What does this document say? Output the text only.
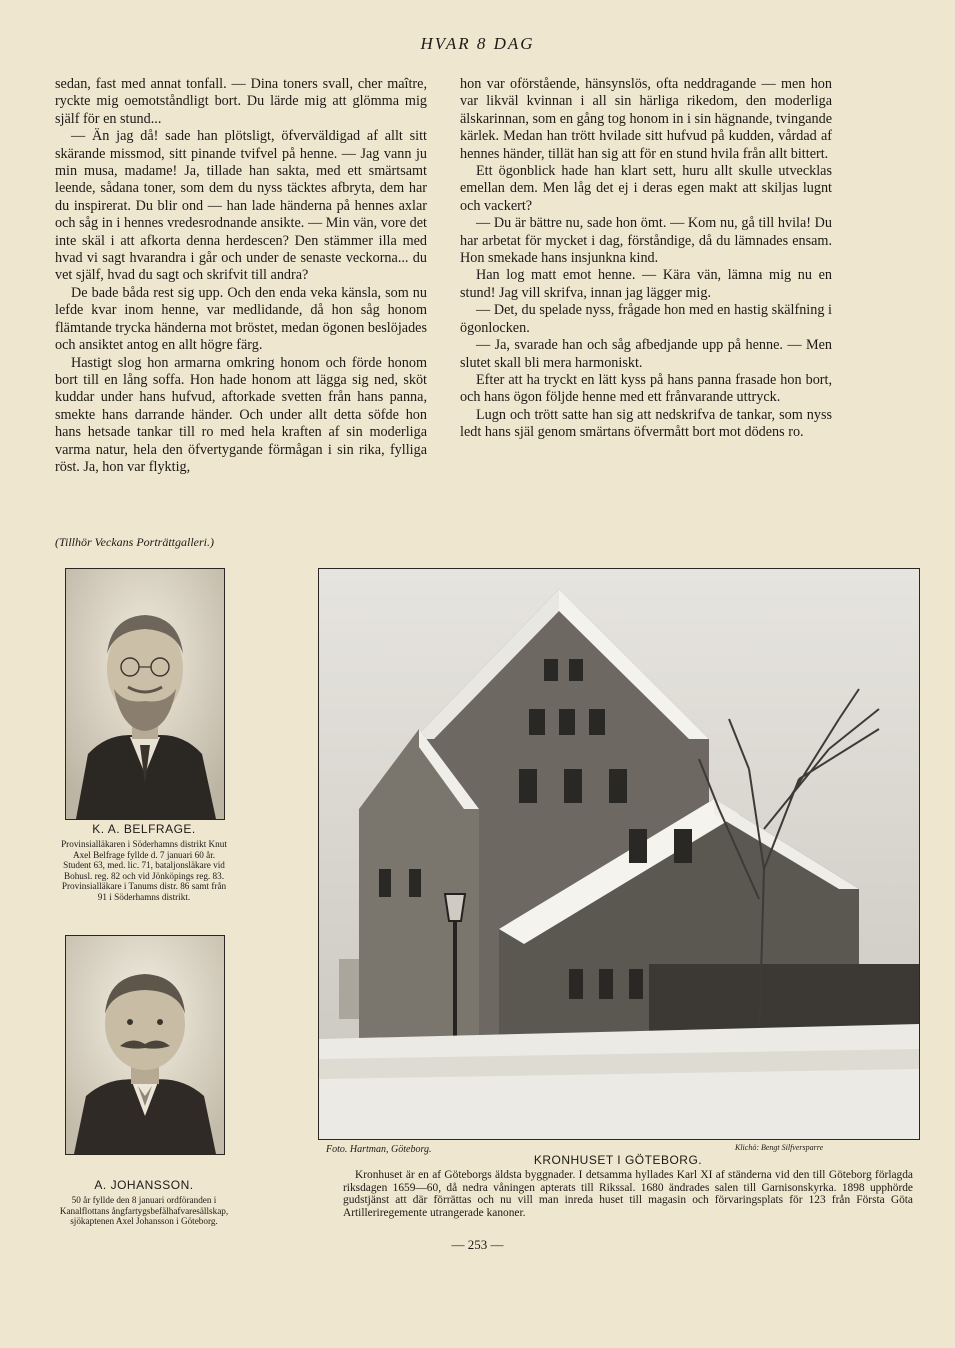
HVAR 8 DAG

sedan, fast med annat tonfall. — Dina toners svall, cher maître, ryckte mig oemotståndligt bort. Du lärde mig att glömma mig själf för en stund...

— Än jag då! sade han plötsligt, öfverväldigad af allt sitt skärande missmod, sitt pinande tvifvel på henne. — Jag vann ju min musa, madame! Ja, tillade han sakta, med ett smärtsamt leende, sådana toner, som dem du nyss täcktes afbryta, dem har du inspirerat. Du blir ond — han lade händerna på hennes axlar och såg in i hennes vredesrodnande ansikte. — Min vän, vore det inte skäl i att afkorta denna herdescen? Den stämmer illa med hvad vi sagt hvarandra i går och under de senaste veckorna... du vet själf, hvad du sagt och skrifvit till andra?

De bade båda rest sig upp. Och den enda veka känsla, som nu lefde kvar inom henne, var medlidande, då hon såg honom flämtande trycka händerna mot bröstet, medan ögonen beslöjades och ansiktet antog en allt högre färg.

Hastigt slog hon armarna omkring honom och förde honom bort till en lång soffa. Hon hade honom att lägga sig ned, sköt kuddar under hans hufvud, aftorkade svetten från hans panna, smekte hans darrande händer. Och under allt detta söfde hon hans hetsade tankar till ro med hela kraften af sin moderliga varma natur, hela den öfvertygande förmågan i sin rika, fylliga röst. Ja, hon var flyktig,

hon var oförstående, hänsynslös, ofta neddragande — men hon var likväl kvinnan i all sin härliga rikedom, den moderliga älskarinnan, som en gång tog honom in i sin hägnande, tvingande kärlek. Medan han trött hvilade sitt hufvud på kudden, vårdad af hennes händer, tillät han sig att för en stund hvila från allt bittert.

Ett ögonblick hade han klart sett, huru allt skulle utvecklas emellan dem. Men låg det ej i deras egen makt att skiljas lugnt och vackert?

— Du är bättre nu, sade hon ömt. — Kom nu, gå till hvila! Du har arbetat för mycket i dag, förståndige, då du lämnades ensam. Hon smekade hans insjunkna kind.

Han log matt emot henne. — Kära vän, lämna mig nu en stund! Jag vill skrifva, innan jag lägger mig.

— Det, du spelade nyss, frågade hon med en hastig skälfning i ögonlocken.

— Ja, svarade han och såg afbedjande upp på henne. — Men slutet skall bli mera harmoniskt.

Efter att ha tryckt en lätt kyss på hans panna frasade hon bort, och hans ögon följde henne med ett frånvarande uttryck.

Lugn och trött satte han sig att nedskrifva de tankar, som nyss ledt hans själ genom smärtans öfvermått bort mot dödens ro.

(Tillhör Veckans Porträttgalleri.)
K. A. BELFRAGE.
Provinsialläkaren i Söderhamns distrikt Knut Axel Belfrage fyllde d. 7 januari 60 år. Student 63, med. lic. 71, bataljonsläkare vid Bohusl. reg. 82 och vid Jönköpings reg. 83. Provinsialläkare i Tanums distr. 86 samt från 91 i Söderhamns distrikt.
A. JOHANSSON.
50 år fyllde den 8 januari ordföranden i Kanalflottans ångfartygsbefälhafvaresällskap, sjökaptenen Axel Johansson i Göteborg.
Foto. Hartman, Göteborg.	Klichö: Bengt Silfversparre
KRONHUSET I GÖTEBORG.
Kronhuset är en af Göteborgs äldsta byggnader. I detsamma hyllades Karl XI af ständerna vid den till Göteborg förlagda riksdagen 1659—60, då nedra våningen apterats till Rikssal. 1680 ändrades salen till Garnisonskyrka. 1898 upphörde gudstjänst att där förrättas och nu vill man inreda huset till magasin och förvaringsplats för 123 från Första Göta Artilleriregemente utrangerade kanoner.
— 253 —
